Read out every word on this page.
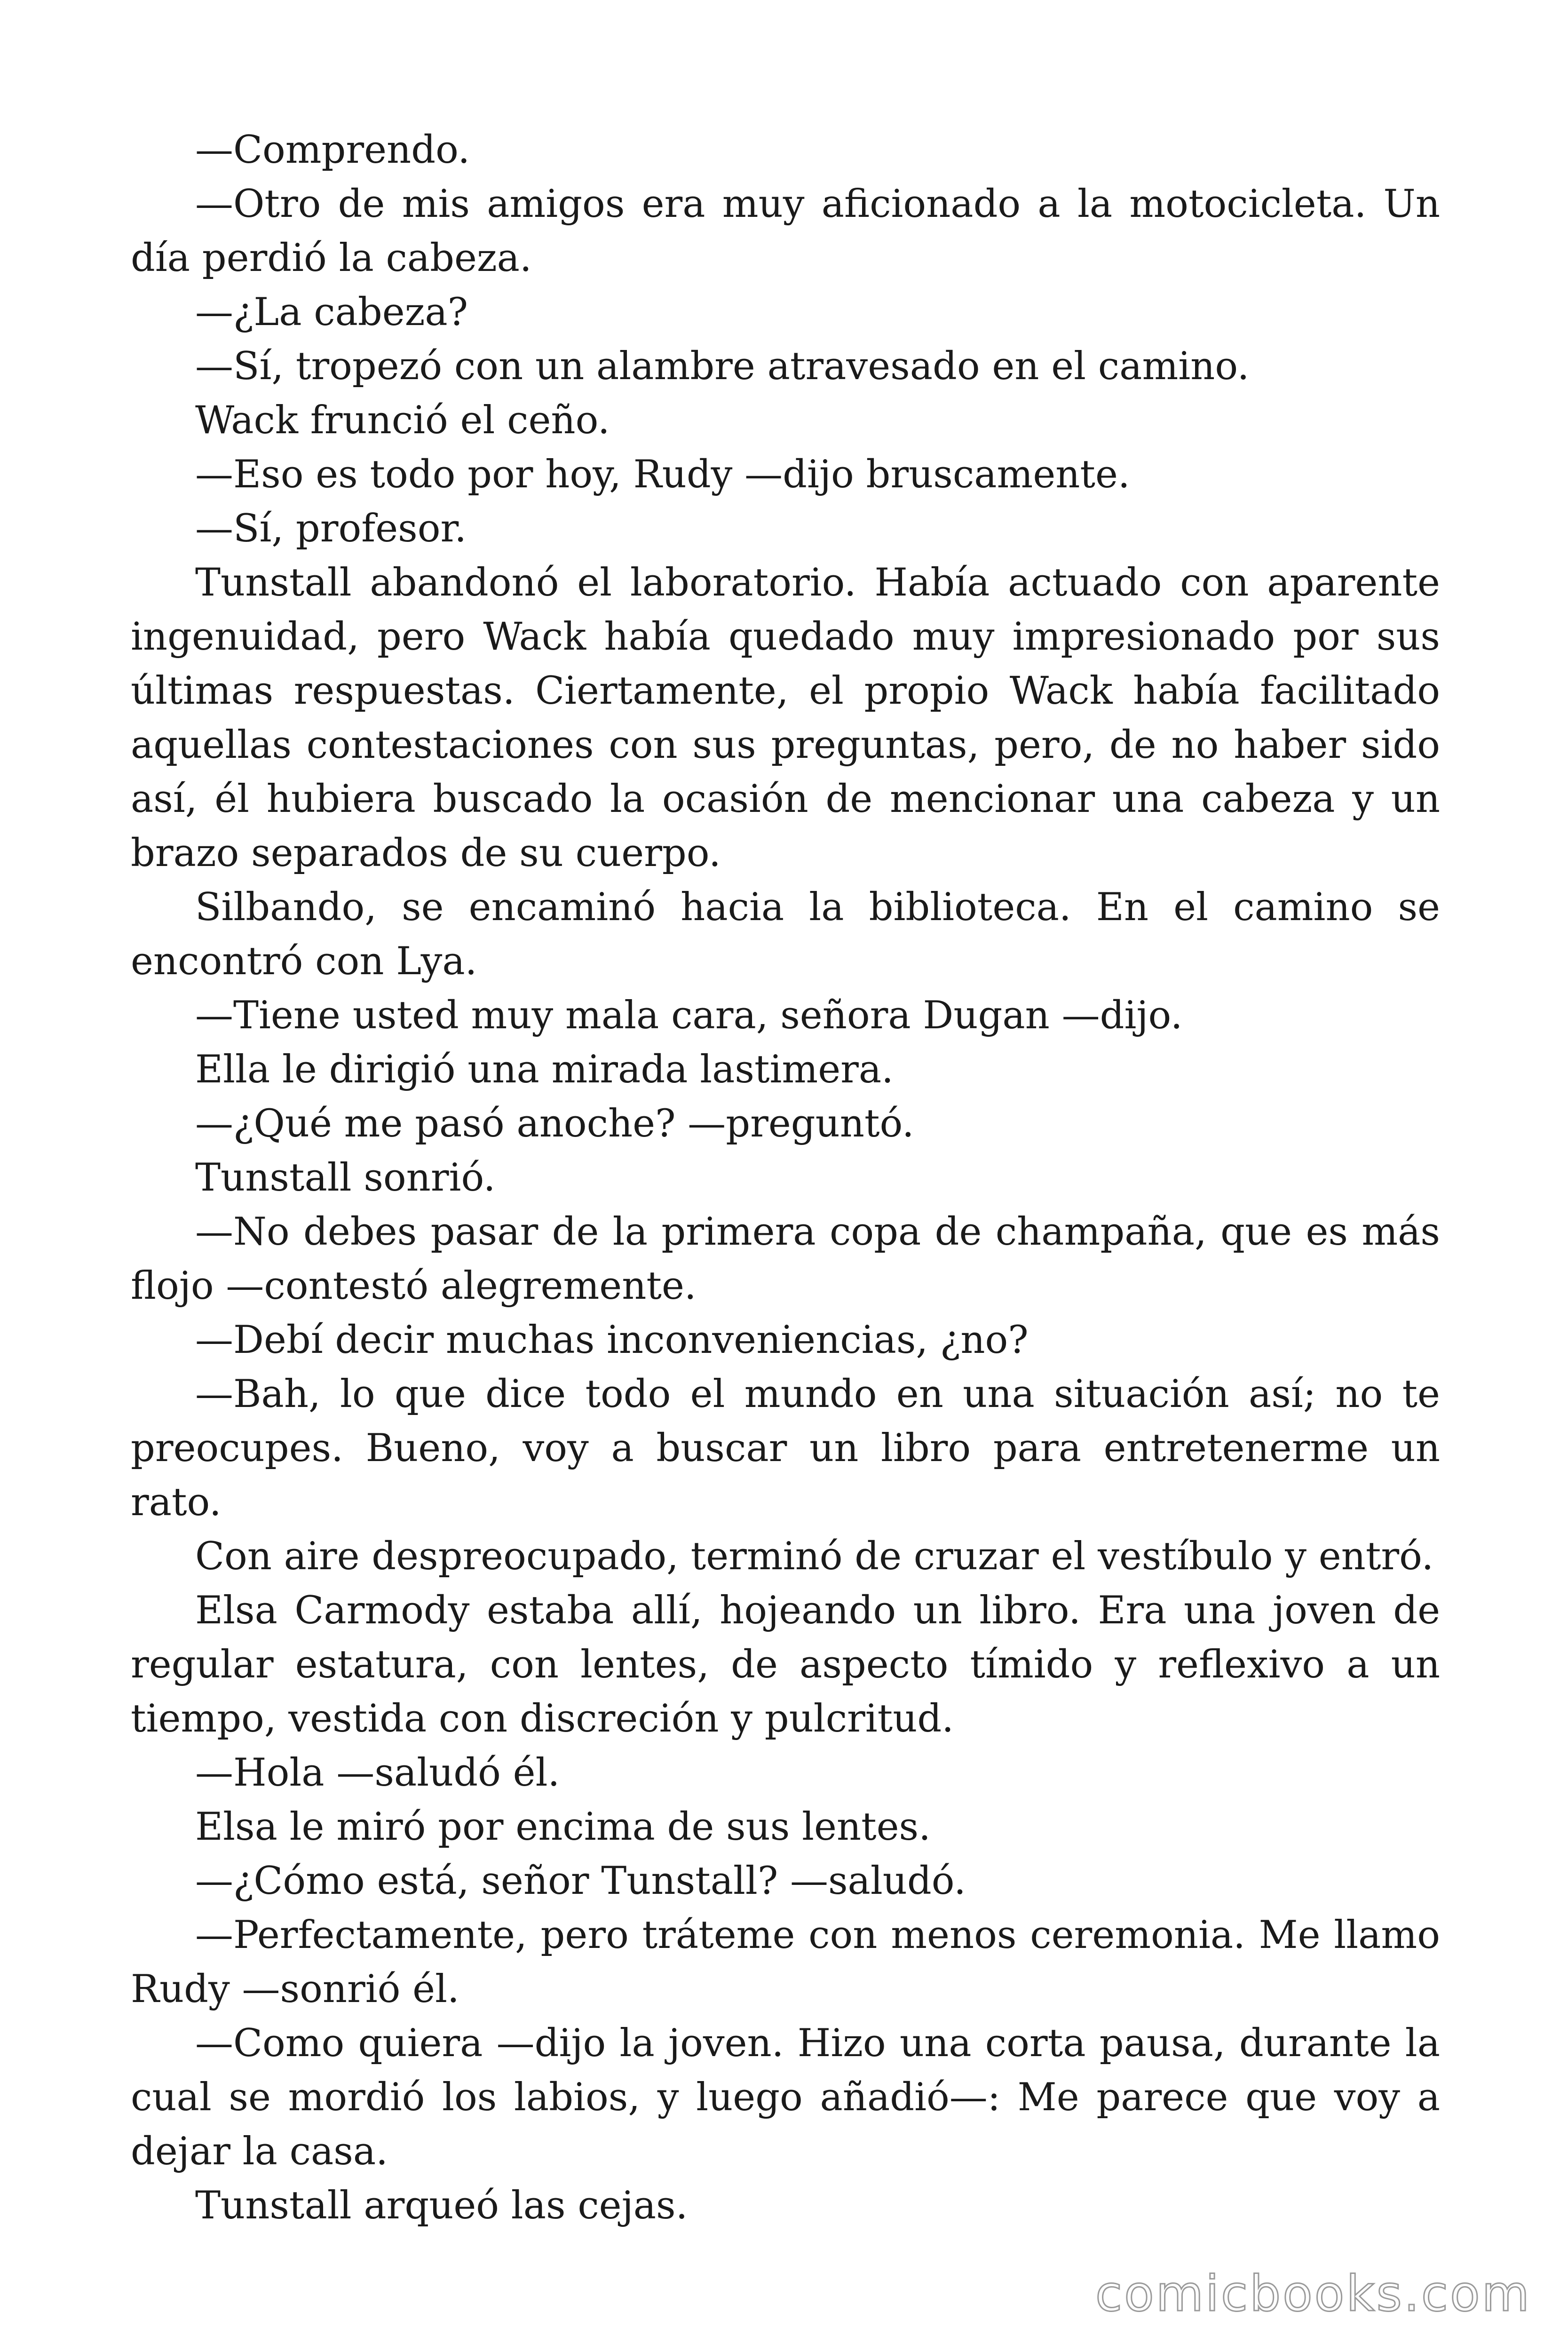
—Comprendo.

—Otro de mis amigos era muy aficionado a la motocicleta. Un día perdió la cabeza.

—¿La cabeza?

—Sí, tropezó con un alambre atravesado en el camino.

Wack frunció el ceño.

—Eso es todo por hoy, Rudy —dijo bruscamente.

—Sí, profesor.

Tunstall abandonó el laboratorio. Había actuado con aparente ingenuidad, pero Wack había quedado muy impresionado por sus últimas respuestas. Ciertamente, el propio Wack había facilitado aquellas contestaciones con sus preguntas, pero, de no haber sido así, él hubiera buscado la ocasión de mencionar una cabeza y un brazo separados de su cuerpo.

Silbando, se encaminó hacia la biblioteca. En el camino se encontró con Lya.

—Tiene usted muy mala cara, señora Dugan —dijo.

Ella le dirigió una mirada lastimera.

—¿Qué me pasó anoche? —preguntó.

Tunstall sonrió.

—No debes pasar de la primera copa de champaña, que es más flojo —contestó alegremente.

—Debí decir muchas inconveniencias, ¿no?

—Bah, lo que dice todo el mundo en una situación así; no te preocupes. Bueno, voy a buscar un libro para entretenerme un rato.

Con aire despreocupado, terminó de cruzar el vestíbulo y entró.

Elsa Carmody estaba allí, hojeando un libro. Era una joven de regular estatura, con lentes, de aspecto tímido y reflexivo a un tiempo, vestida con discreción y pulcritud.

—Hola —saludó él.

Elsa le miró por encima de sus lentes.

—¿Cómo está, señor Tunstall? —saludó.

—Perfectamente, pero tráteme con menos ceremonia. Me llamo Rudy —sonrió él.

—Como quiera —dijo la joven. Hizo una corta pausa, durante la cual se mordió los labios, y luego añadió—: Me parece que voy a dejar la casa.

Tunstall arqueó las cejas.

comicbooks.com
